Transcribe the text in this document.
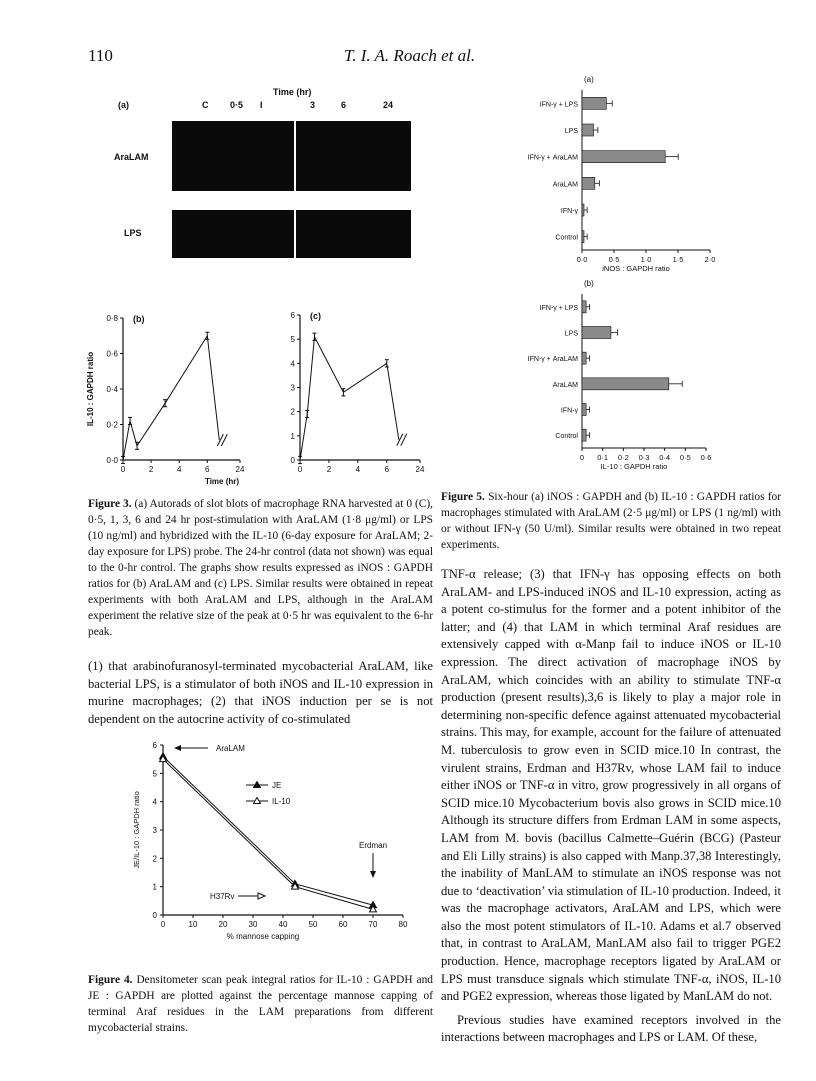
110	T. I. A. Roach et al.
Time (hr)
(a)	C 0·5 I	3	6	24
AraLAM
LPS
0·0
0·2
0·4
0·6
0·8
0	2	4	6	24
(b)
IL-10 : GAPDH ratio
Time (hr)
0
1
2
3
4
5
6
0	2	4	6	24
(c)
Figure 3. (a) Autorads of slot blots of macrophage RNA harvested at 0 (C), 0·5, 1, 3, 6 and 24 hr post-stimulation with AraLAM (1·8 μg/ml) or LPS (10 ng/ml) and hybridized with the IL-10 (6-day exposure for AraLAM; 2-day exposure for LPS) probe. The 24-hr control (data not shown) was equal to the 0-hr control. The graphs show results expressed as iNOS : GAPDH ratios for (b) AraLAM and (c) LPS. Similar results were obtained in repeat experiments with both AraLAM and LPS, although in the AraLAM experiment the relative size of the peak at 0·5 hr was equivalent to the 6-hr peak.

(1) that arabinofuranosyl-terminated mycobacterial AraLAM, like bacterial LPS, is a stimulator of both iNOS and IL-10 expression in murine macrophages; (2) that iNOS induction per se is not dependent on the autocrine activity of co-stimulated

0
1
2
3
4
5
6
0	10	20	30	40	50	60	70	80
JE/IL-10 : GAPDH ratio
% mannose capping
JE
IL-10
AraLAM
H37Rv
Erdman
Figure 4. Densitometer scan peak integral ratios for IL-10 : GAPDH and JE : GAPDH are plotted against the percentage mannose capping of terminal Araf residues in the LAM preparations from different mycobacterial strains.
(a)
IFN-γ + LPS
LPS
IFN-γ + AraLAM
AraLAM
IFN-γ
Control
0·0	0·5	1·0	1·5	2·0
iNOS : GAPDH ratio
(b)
IFN-γ + LPS
LPS
IFN-γ + AraLAM
AraLAM
IFN-γ
Control
0 0·1 0·2 0·3 0·4 0·5 0·6
IL-10 : GAPDH ratio
Figure 5. Six-hour (a) iNOS : GAPDH and (b) IL-10 : GAPDH ratios for macrophages stimulated with AraLAM (2·5 μg/ml) or LPS (1 ng/ml) with or without IFN-γ (50 U/ml). Similar results were obtained in two repeat experiments.

TNF-α release; (3) that IFN-γ has opposing effects on both AraLAM- and LPS-induced iNOS and IL-10 expression, acting as a potent co-stimulus for the former and a potent inhibitor of the latter; and (4) that LAM in which terminal Araf residues are extensively capped with α-Manp fail to induce iNOS or IL-10 expression. The direct activation of macrophage iNOS by AraLAM, which coincides with an ability to stimulate TNF-α production (present results),3,6 is likely to play a major role in determining non-specific defence against attenuated mycobacterial strains. This may, for example, account for the failure of attenuated M. tuberculosis to grow even in SCID mice.10 In contrast, the virulent strains, Erdman and H37Rv, whose LAM fail to induce either iNOS or TNF-α in vitro, grow progressively in all organs of SCID mice.10 Mycobacterium bovis also grows in SCID mice.10 Although its structure differs from Erdman LAM in some aspects, LAM from M. bovis (bacillus Calmette–Guérin (BCG) (Pasteur and Eli Lilly strains) is also capped with Manp.37,38 Interestingly, the inability of ManLAM to stimulate an iNOS response was not due to ‘deactivation’ via stimulation of IL-10 production. Indeed, it was the macrophage activators, AraLAM and LPS, which were also the most potent stimulators of IL-10. Adams et al.7 observed that, in contrast to AraLAM, ManLAM also fail to trigger PGE2 production. Hence, macrophage receptors ligated by AraLAM or LPS must transduce signals which stimulate TNF-α, iNOS, IL-10 and PGE2 expression, whereas those ligated by ManLAM do not.

Previous studies have examined receptors involved in the interactions between macrophages and LPS or LAM. Of these,
